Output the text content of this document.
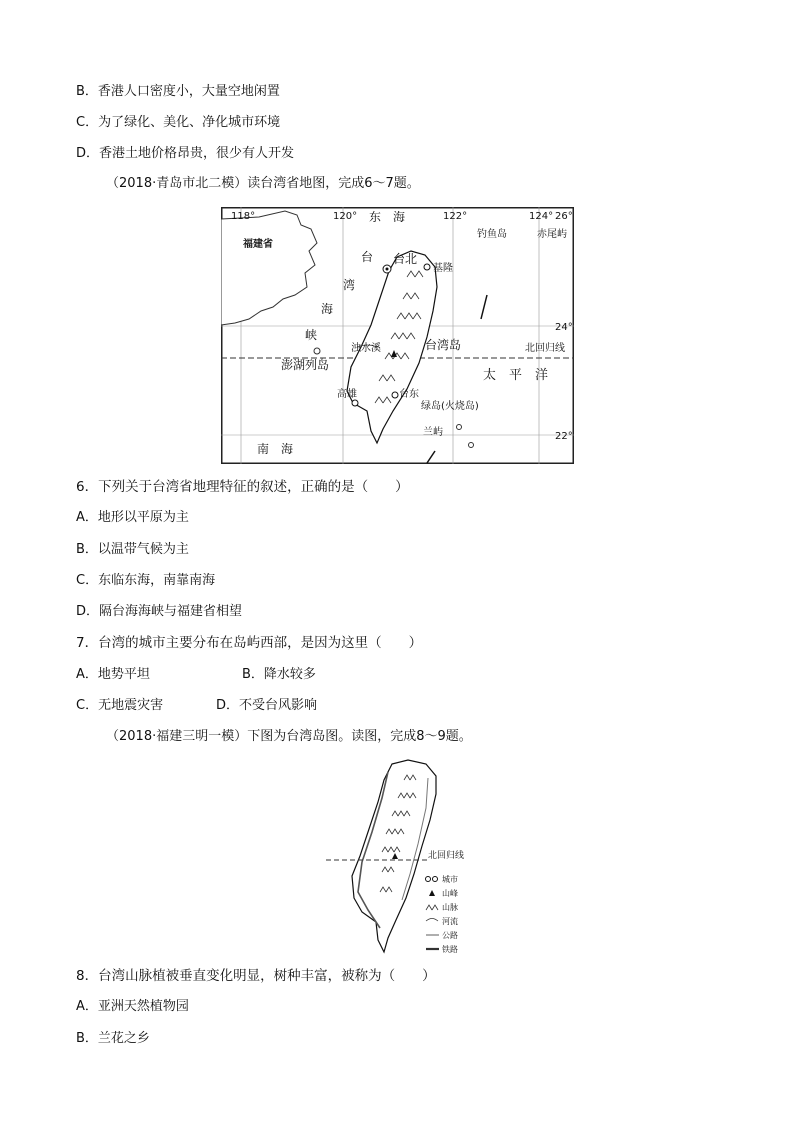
B．香港人口密度小，大量空地闲置
C．为了绿化、美化、净化城市环境
D．香港土地价格昂贵，很少有人开发
（2018·青岛市北二模）读台湾省地图，完成6～7题。
118°	120°	122°	124° 26°
24°
22°
东　海
福建省
钓鱼岛	赤尾屿
台北
基隆
台
湾
海
峡
浊水溪	台湾岛	北回归线
澎湖列岛
太　平　洋
高雄	台东
绿岛(火烧岛)
兰屿
南　海
6．下列关于台湾省地理特征的叙述，正确的是（　　）
A．地形以平原为主
B．以温带气候为主
C．东临东海，南靠南海
D．隔台海海峡与福建省相望
7．台湾的城市主要分布在岛屿西部，是因为这里（　　）
A．地势平坦	B．降水较多
C．无地震灾害	D．不受台风影响
（2018·福建三明一模）下图为台湾岛图。读图，完成8～9题。
北回归线
城市
山峰
山脉
河流
公路
铁路
8．台湾山脉植被垂直变化明显，树种丰富，被称为（　　）
A．亚洲天然植物园
B．兰花之乡
